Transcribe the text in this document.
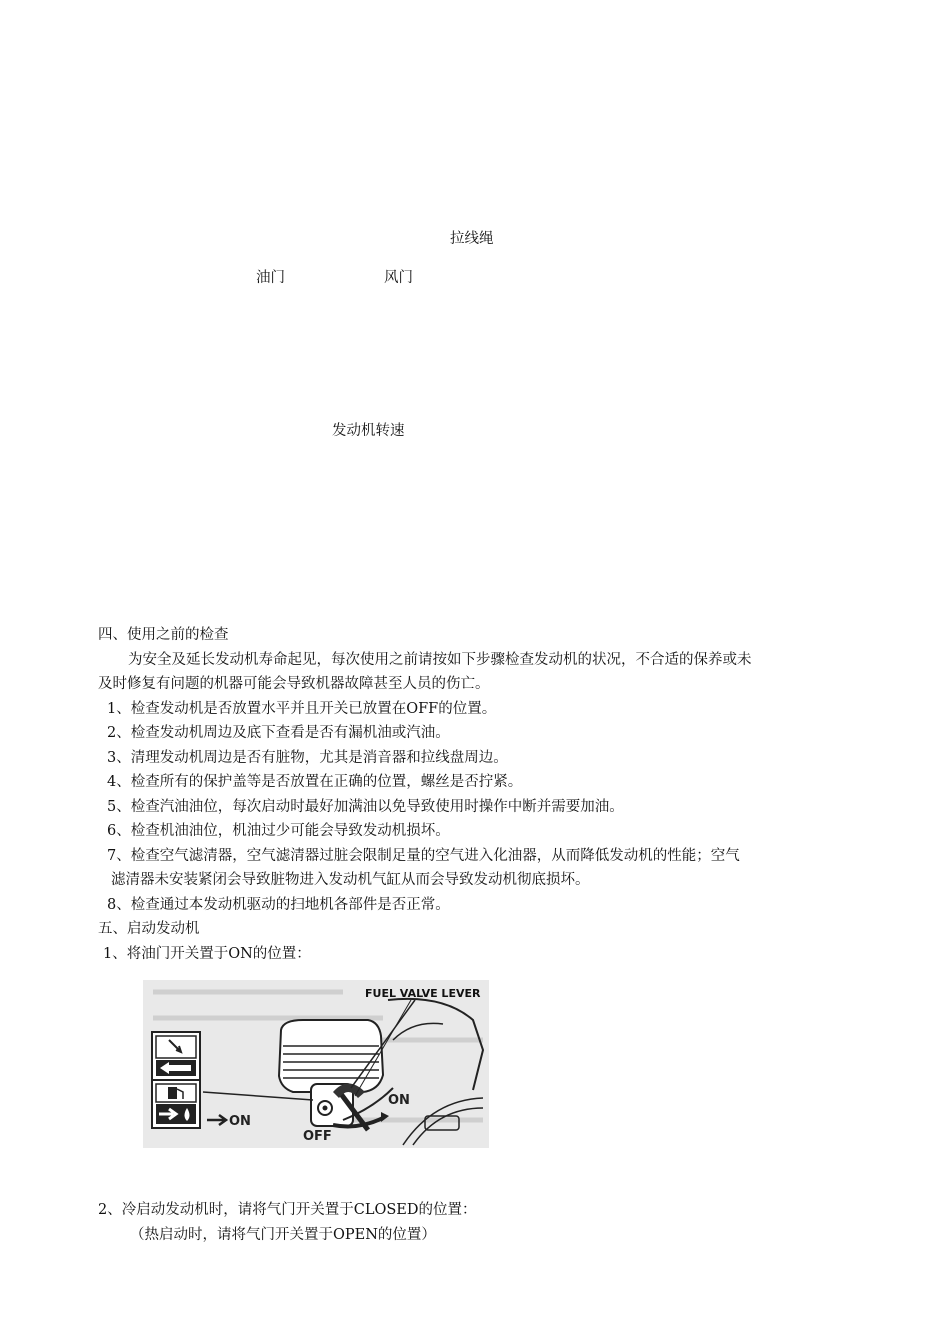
拉线绳
油门	风门
发动机转速

四、使用之前的检查

为安全及延长发动机寿命起见，每次使用之前请按如下步骤检查发动机的状况，不合适的保养或未

及时修复有问题的机器可能会导致机器故障甚至人员的伤亡。

1、检查发动机是否放置水平并且开关已放置在OFF的位置。

2、检查发动机周边及底下查看是否有漏机油或汽油。

3、清理发动机周边是否有脏物，尤其是消音器和拉线盘周边。

4、检查所有的保护盖等是否放置在正确的位置，螺丝是否拧紧。

5、检查汽油油位，每次启动时最好加满油以免导致使用时操作中断并需要加油。

6、检查机油油位，机油过少可能会导致发动机损坏。

7、检查空气滤清器，空气滤清器过脏会限制足量的空气进入化油器，从而降低发动机的性能；空气

滤清器未安装紧闭会导致脏物进入发动机气缸从而会导致发动机彻底损坏。

8、检查通过本发动机驱动的扫地机各部件是否正常。

五、启动发动机

1、将油门开关置于ON的位置：

ON
ON
OFF
FUEL VALVE LEVER

2、冷启动发动机时，请将气门开关置于CLOSED的位置：

（热启动时，请将气门开关置于OPEN的位置）
